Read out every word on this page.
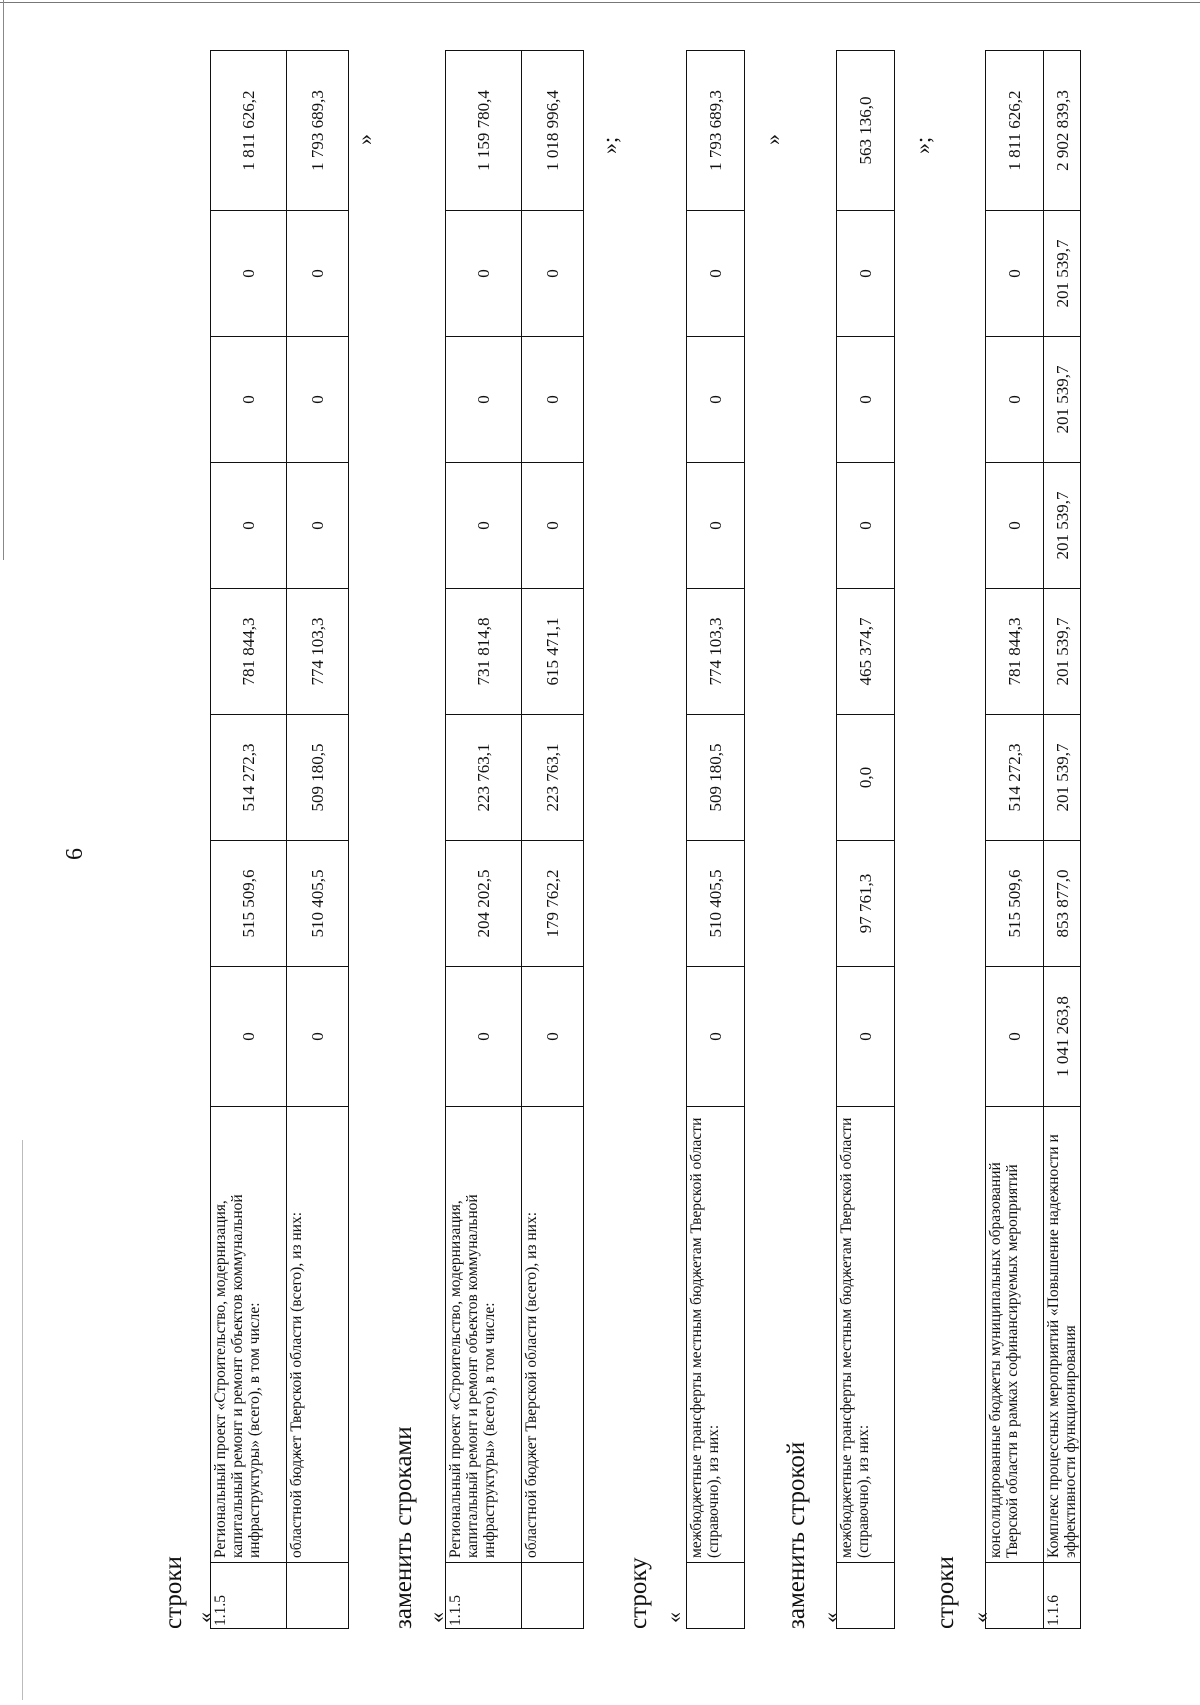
6
строки «
1.1.5	Региональный проект «Строительство, модернизация, капитальный ремонт и ремонт объектов коммунальной инфраструктуры» (всего), в том числе:	0	515 509,6	514 272,3	781 844,3	0	0	0	1 811 626,2
	областной бюджет Тверской области (всего), из них:	0	510 405,5	509 180,5	774 103,3	0	0	0	1 793 689,3 »
заменить строками «
1.1.5	Региональный проект «Строительство, модернизация, капитальный ремонт и ремонт объектов коммунальной инфраструктуры» (всего), в том числе:	0	204 202,5	223 763,1	731 814,8	0	0	0	1 159 780,4
	областной бюджет Тверской области (всего), из них:	0	179 762,2	223 763,1	615 471,1	0	0	0	1 018 996,4 »;
строку «
	межбюджетные трансферты местным бюджетам Тверской области (справочно), из них:	0	510 405,5	509 180,5	774 103,3	0	0	0	1 793 689,3 »
заменить строкой «
	межбюджетные трансферты местным бюджетам Тверской области (справочно), из них:	0	97 761,3	0,0	465 374,7	0	0	0	563 136,0 »;
строки «
	консолидированные бюджеты муниципальных образований Тверской области в рамках софинансируемых мероприятий	0	515 509,6	514 272,3	781 844,3	0	0	0	1 811 626,2
1.1.6	Комплекс процессных мероприятий «Повышение надежности и эффективности функционирования	1 041 263,8	853 877,0	201 539,7	201 539,7	201 539,7	201 539,7	201 539,7	2 902 839,3
